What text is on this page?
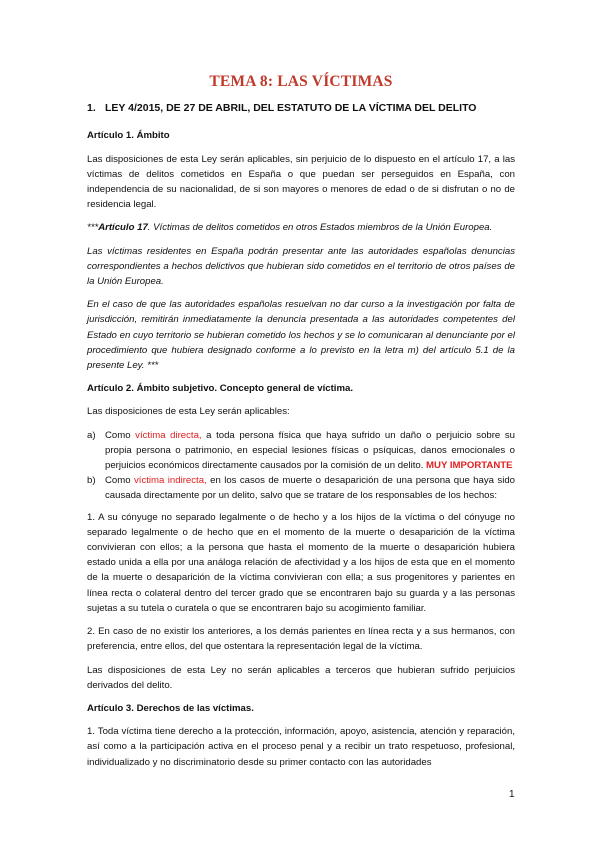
TEMA 8: LAS VÍCTIMAS
1. LEY 4/2015, DE 27 DE ABRIL, DEL ESTATUTO DE LA VÍCTIMA DEL DELITO
Artículo 1. Ámbito

Las disposiciones de esta Ley serán aplicables, sin perjuicio de lo dispuesto en el artículo 17, a las víctimas de delitos cometidos en España o que puedan ser perseguidos en España, con independencia de su nacionalidad, de si son mayores o menores de edad o de si disfrutan o no de residencia legal.

***Artículo 17. Víctimas de delitos cometidos en otros Estados miembros de la Unión Europea.

Las víctimas residentes en España podrán presentar ante las autoridades españolas denuncias correspondientes a hechos delictivos que hubieran sido cometidos en el territorio de otros países de la Unión Europea.

En el caso de que las autoridades españolas resuelvan no dar curso a la investigación por falta de jurisdicción, remitirán inmediatamente la denuncia presentada a las autoridades competentes del Estado en cuyo territorio se hubieran cometido los hechos y se lo comunicaran al denunciante por el procedimiento que hubiera designado conforme a lo previsto en la letra m) del artículo 5.1 de la presente Ley. ***

Artículo 2. Ámbito subjetivo. Concepto general de víctima.

Las disposiciones de esta Ley serán aplicables:

a) Como víctima directa, a toda persona física que haya sufrido un daño o perjuicio sobre su propia persona o patrimonio, en especial lesiones físicas o psíquicas, danos emocionales o perjuicios económicos directamente causados por la comisión de un delito. MUY IMPORTANTE
b) Como víctima indirecta, en los casos de muerte o desaparición de una persona que haya sido causada directamente por un delito, salvo que se tratare de los responsables de los hechos:

1. A su cónyuge no separado legalmente o de hecho y a los hijos de la víctima o del cónyuge no separado legalmente o de hecho que en el momento de la muerte o desaparición de la víctima convivieran con ellos; a la persona que hasta el momento de la muerte o desaparición hubiera estado unida a ella por una análoga relación de afectividad y a los hijos de esta que en el momento de la muerte o desaparición de la víctima convivieran con ella; a sus progenitores y parientes en línea recta o colateral dentro del tercer grado que se encontraren bajo su guarda y a las personas sujetas a su tutela o curatela o que se encontraren bajo su acogimiento familiar.

2. En caso de no existir los anteriores, a los demás parientes en línea recta y a sus hermanos, con preferencia, entre ellos, del que ostentara la representación legal de la víctima.

Las disposiciones de esta Ley no serán aplicables a terceros que hubieran sufrido perjuicios derivados del delito.

Artículo 3. Derechos de las víctimas.

1. Toda víctima tiene derecho a la protección, información, apoyo, asistencia, atención y reparación, así como a la participación activa en el proceso penal y a recibir un trato respetuoso, profesional, individualizado y no discriminatorio desde su primer contacto con las autoridades

1
